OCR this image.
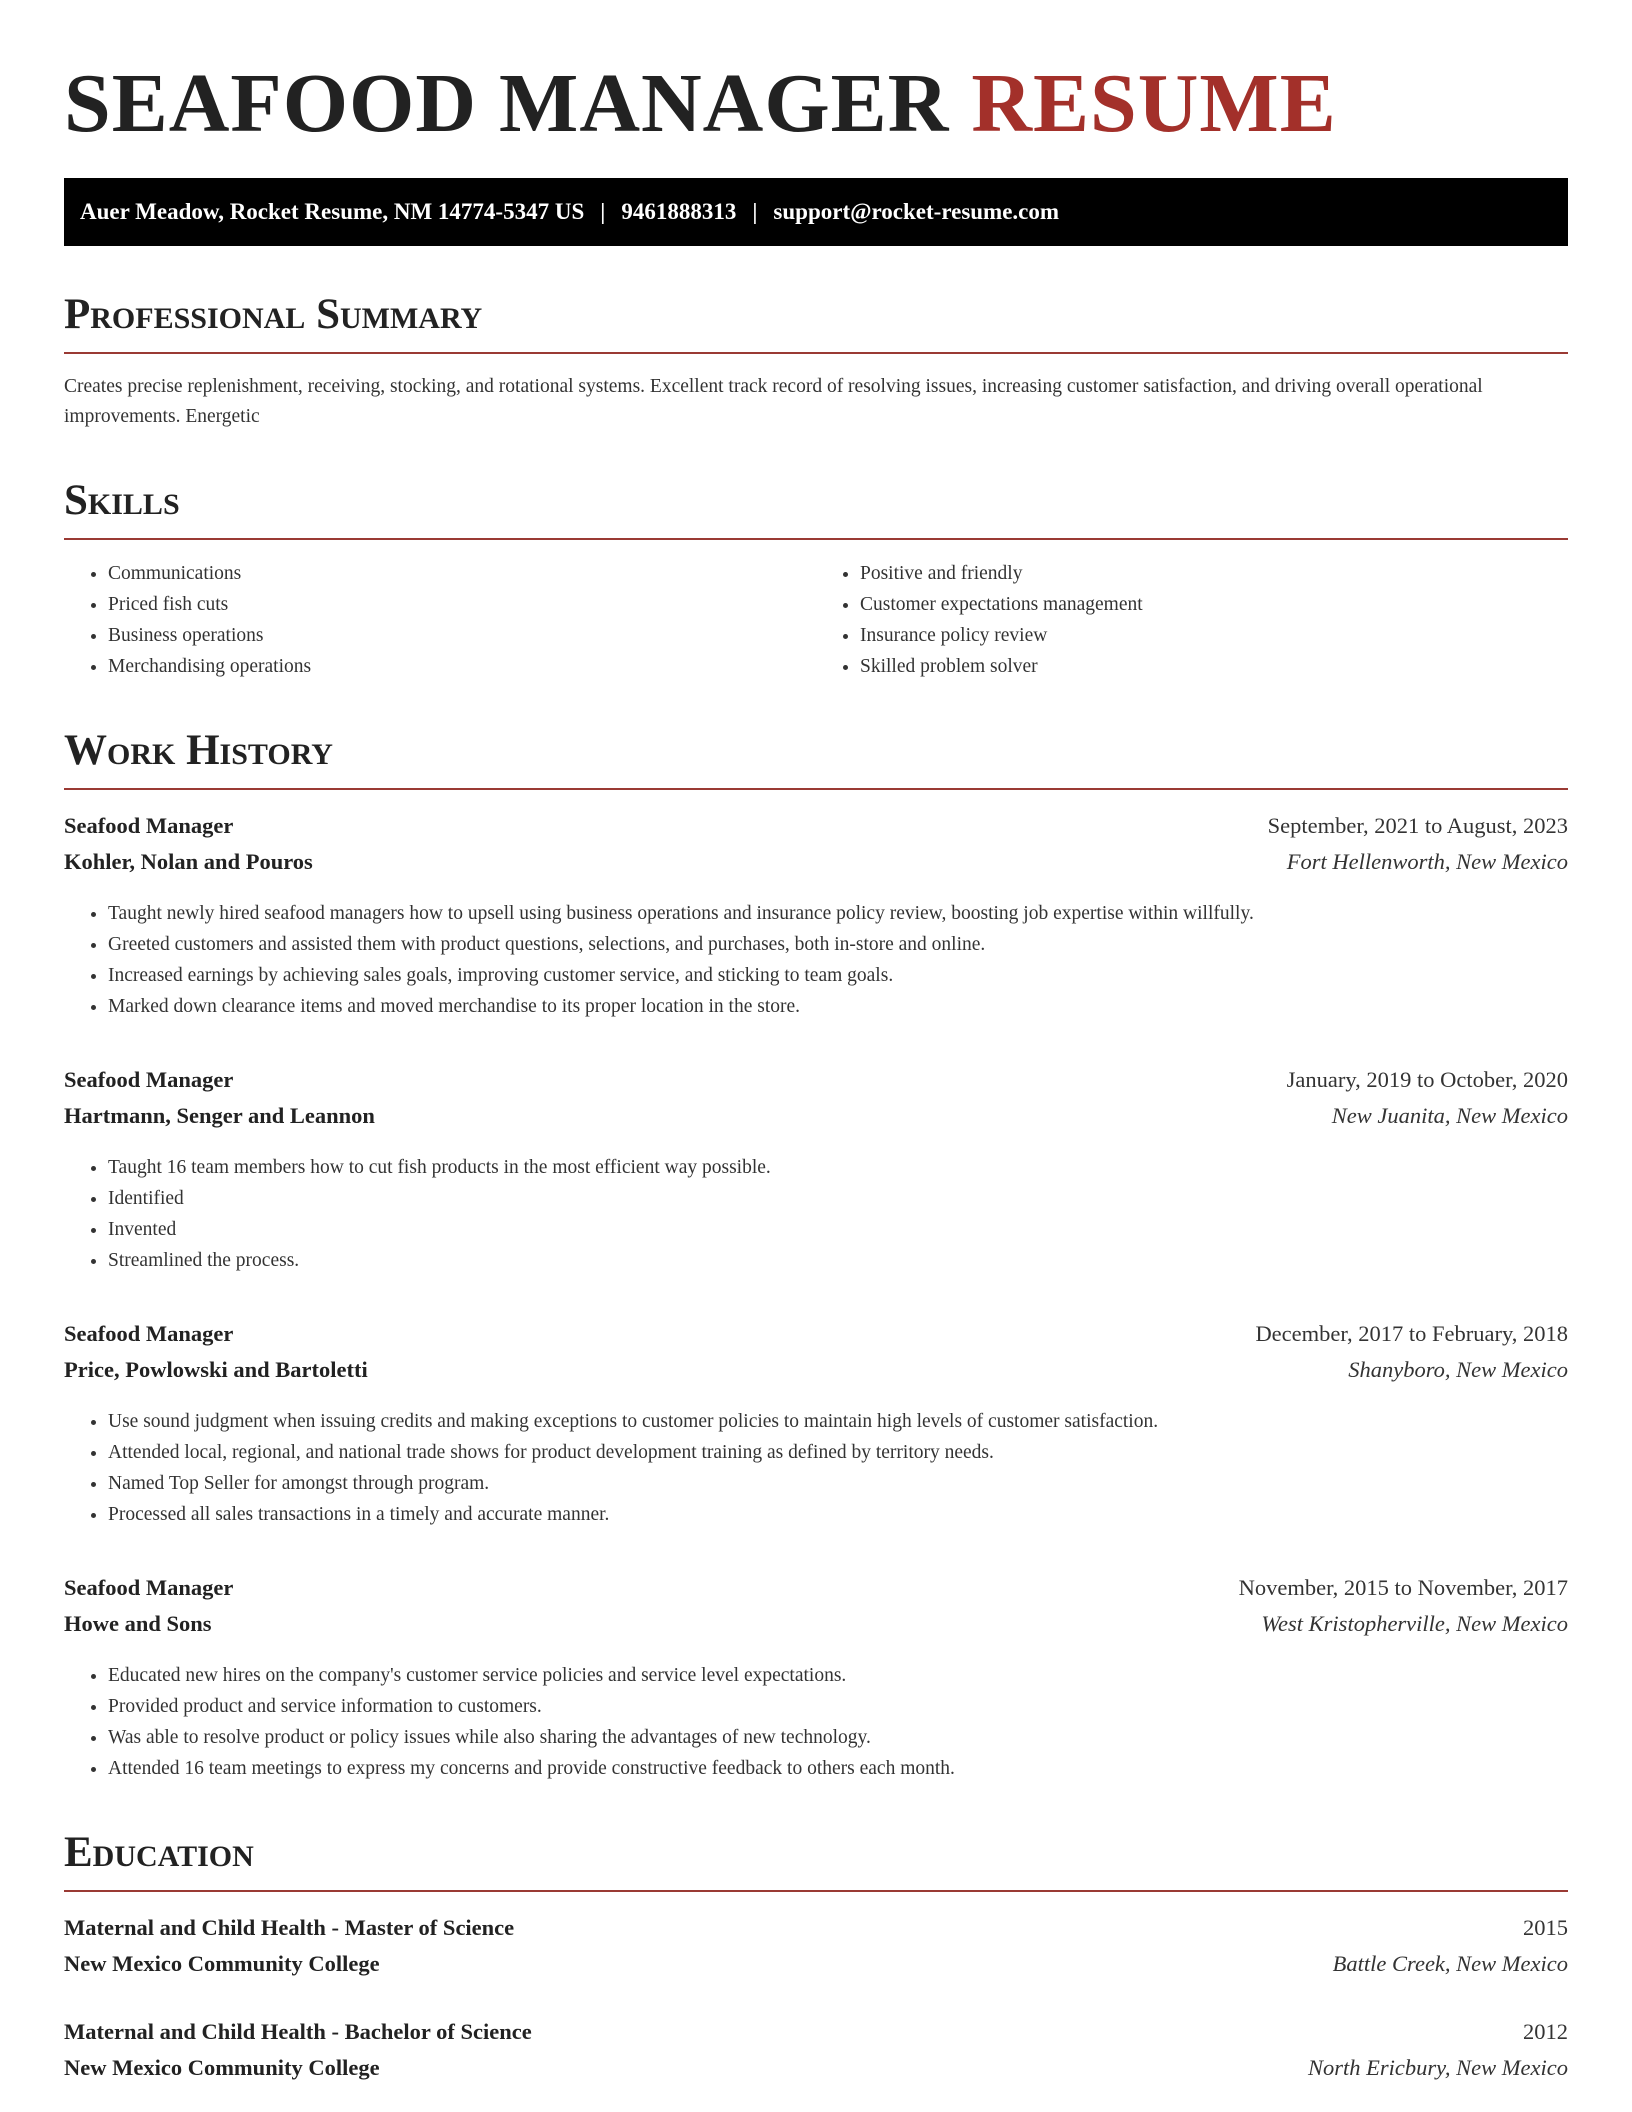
SEAFOOD MANAGER RESUME
Auer Meadow, Rocket Resume, NM 14774-5347 US | 9461888313 | support@rocket-resume.com
Professional Summary

Creates precise replenishment, receiving, stocking, and rotational systems. Excellent track record of resolving issues, increasing customer satisfaction, and driving overall operational improvements. Energetic

Skills
• Communications
• Priced fish cuts
• Business operations
• Merchandising operations
• Positive and friendly
• Customer expectations management
• Insurance policy review
• Skilled problem solver
Work History
Seafood Manager	September, 2021 to August, 2023
Kohler, Nolan and Pouros	Fort Hellenworth, New Mexico
• Taught newly hired seafood managers how to upsell using business operations and insurance policy review, boosting job expertise within willfully.
• Greeted customers and assisted them with product questions, selections, and purchases, both in-store and online.
• Increased earnings by achieving sales goals, improving customer service, and sticking to team goals.
• Marked down clearance items and moved merchandise to its proper location in the store.
Seafood Manager	January, 2019 to October, 2020
Hartmann, Senger and Leannon	New Juanita, New Mexico
• Taught 16 team members how to cut fish products in the most efficient way possible.
• Identified
• Invented
• Streamlined the process.
Seafood Manager	December, 2017 to February, 2018
Price, Powlowski and Bartoletti	Shanyboro, New Mexico
• Use sound judgment when issuing credits and making exceptions to customer policies to maintain high levels of customer satisfaction.
• Attended local, regional, and national trade shows for product development training as defined by territory needs.
• Named Top Seller for amongst through program.
• Processed all sales transactions in a timely and accurate manner.
Seafood Manager	November, 2015 to November, 2017
Howe and Sons	West Kristopherville, New Mexico
• Educated new hires on the company's customer service policies and service level expectations.
• Provided product and service information to customers.
• Was able to resolve product or policy issues while also sharing the advantages of new technology.
• Attended 16 team meetings to express my concerns and provide constructive feedback to others each month.
Education
Maternal and Child Health - Master of Science	2015
New Mexico Community College	Battle Creek, New Mexico
Maternal and Child Health - Bachelor of Science	2012
New Mexico Community College	North Ericbury, New Mexico
